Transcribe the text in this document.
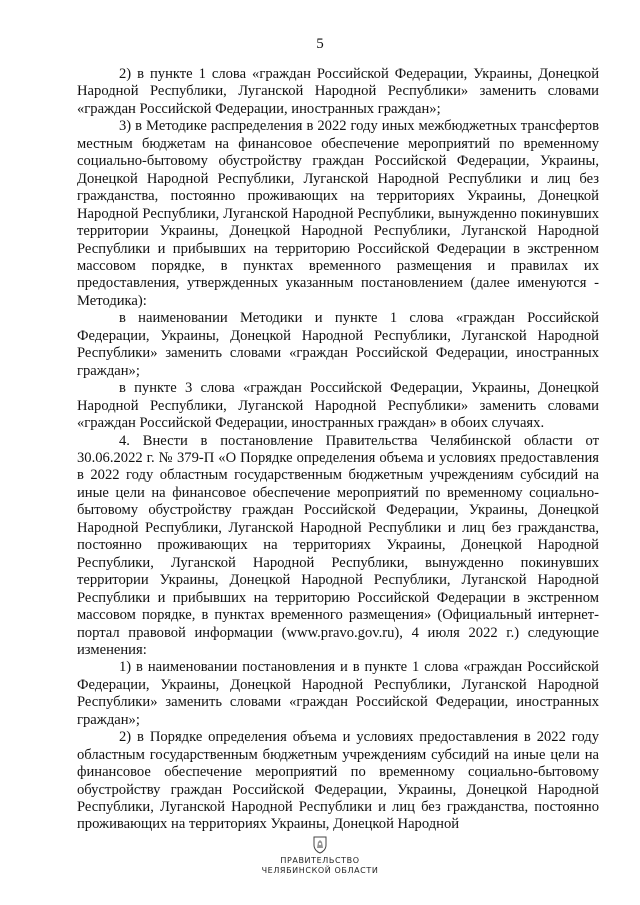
5

2) в пункте 1 слова «граждан Российской Федерации, Украины, Донецкой Народной Республики, Луганской Народной Республики» заменить словами «граждан Российской Федерации, иностранных граждан»;

3) в Методике распределения в 2022 году иных межбюджетных трансфертов местным бюджетам на финансовое обеспечение мероприятий по временному социально-бытовому обустройству граждан Российской Федерации, Украины, Донецкой Народной Республики, Луганской Народной Республики и лиц без гражданства, постоянно проживающих на территориях Украины, Донецкой Народной Республики, Луганской Народной Республики, вынужденно покинувших территории Украины, Донецкой Народной Республики, Луганской Народной Республики и прибывших на территорию Российской Федерации в экстренном массовом порядке, в пунктах временного размещения и правилах их предоставления, утвержденных указанным постановлением (далее именуются - Методика):

в наименовании Методики и пункте 1 слова «граждан Российской Федерации, Украины, Донецкой Народной Республики, Луганской Народной Республики» заменить словами «граждан Российской Федерации, иностранных граждан»;

в пункте 3 слова «граждан Российской Федерации, Украины, Донецкой Народной Республики, Луганской Народной Республики» заменить словами «граждан Российской Федерации, иностранных граждан» в обоих случаях.

4. Внести в постановление Правительства Челябинской области от 30.06.2022 г. № 379-П «О Порядке определения объема и условиях предоставления в 2022 году областным государственным бюджетным учреждениям субсидий на иные цели на финансовое обеспечение мероприятий по временному социально-бытовому обустройству граждан Российской Федерации, Украины, Донецкой Народной Республики, Луганской Народной Республики и лиц без гражданства, постоянно проживающих на территориях Украины, Донецкой Народной Республики, Луганской Народной Республики, вынужденно покинувших территории Украины, Донецкой Народной Республики, Луганской Народной Республики и прибывших на территорию Российской Федерации в экстренном массовом порядке, в пунктах временного размещения» (Официальный интернет-портал правовой информации (www.pravo.gov.ru), 4 июля 2022 г.) следующие изменения:

1) в наименовании постановления и в пункте 1 слова «граждан Российской Федерации, Украины, Донецкой Народной Республики, Луганской Народной Республики» заменить словами «граждан Российской Федерации, иностранных граждан»;

2) в Порядке определения объема и условиях предоставления в 2022 году областным государственным бюджетным учреждениям субсидий на иные цели на финансовое обеспечение мероприятий по временному социально-бытовому обустройству граждан Российской Федерации, Украины, Донецкой Народной Республики, Луганской Народной Республики и лиц без гражданства, постоянно проживающих на территориях Украины, Донецкой Народной

ПРАВИТЕЛЬСТВО
ЧЕЛЯБИНСКОЙ ОБЛАСТИ
